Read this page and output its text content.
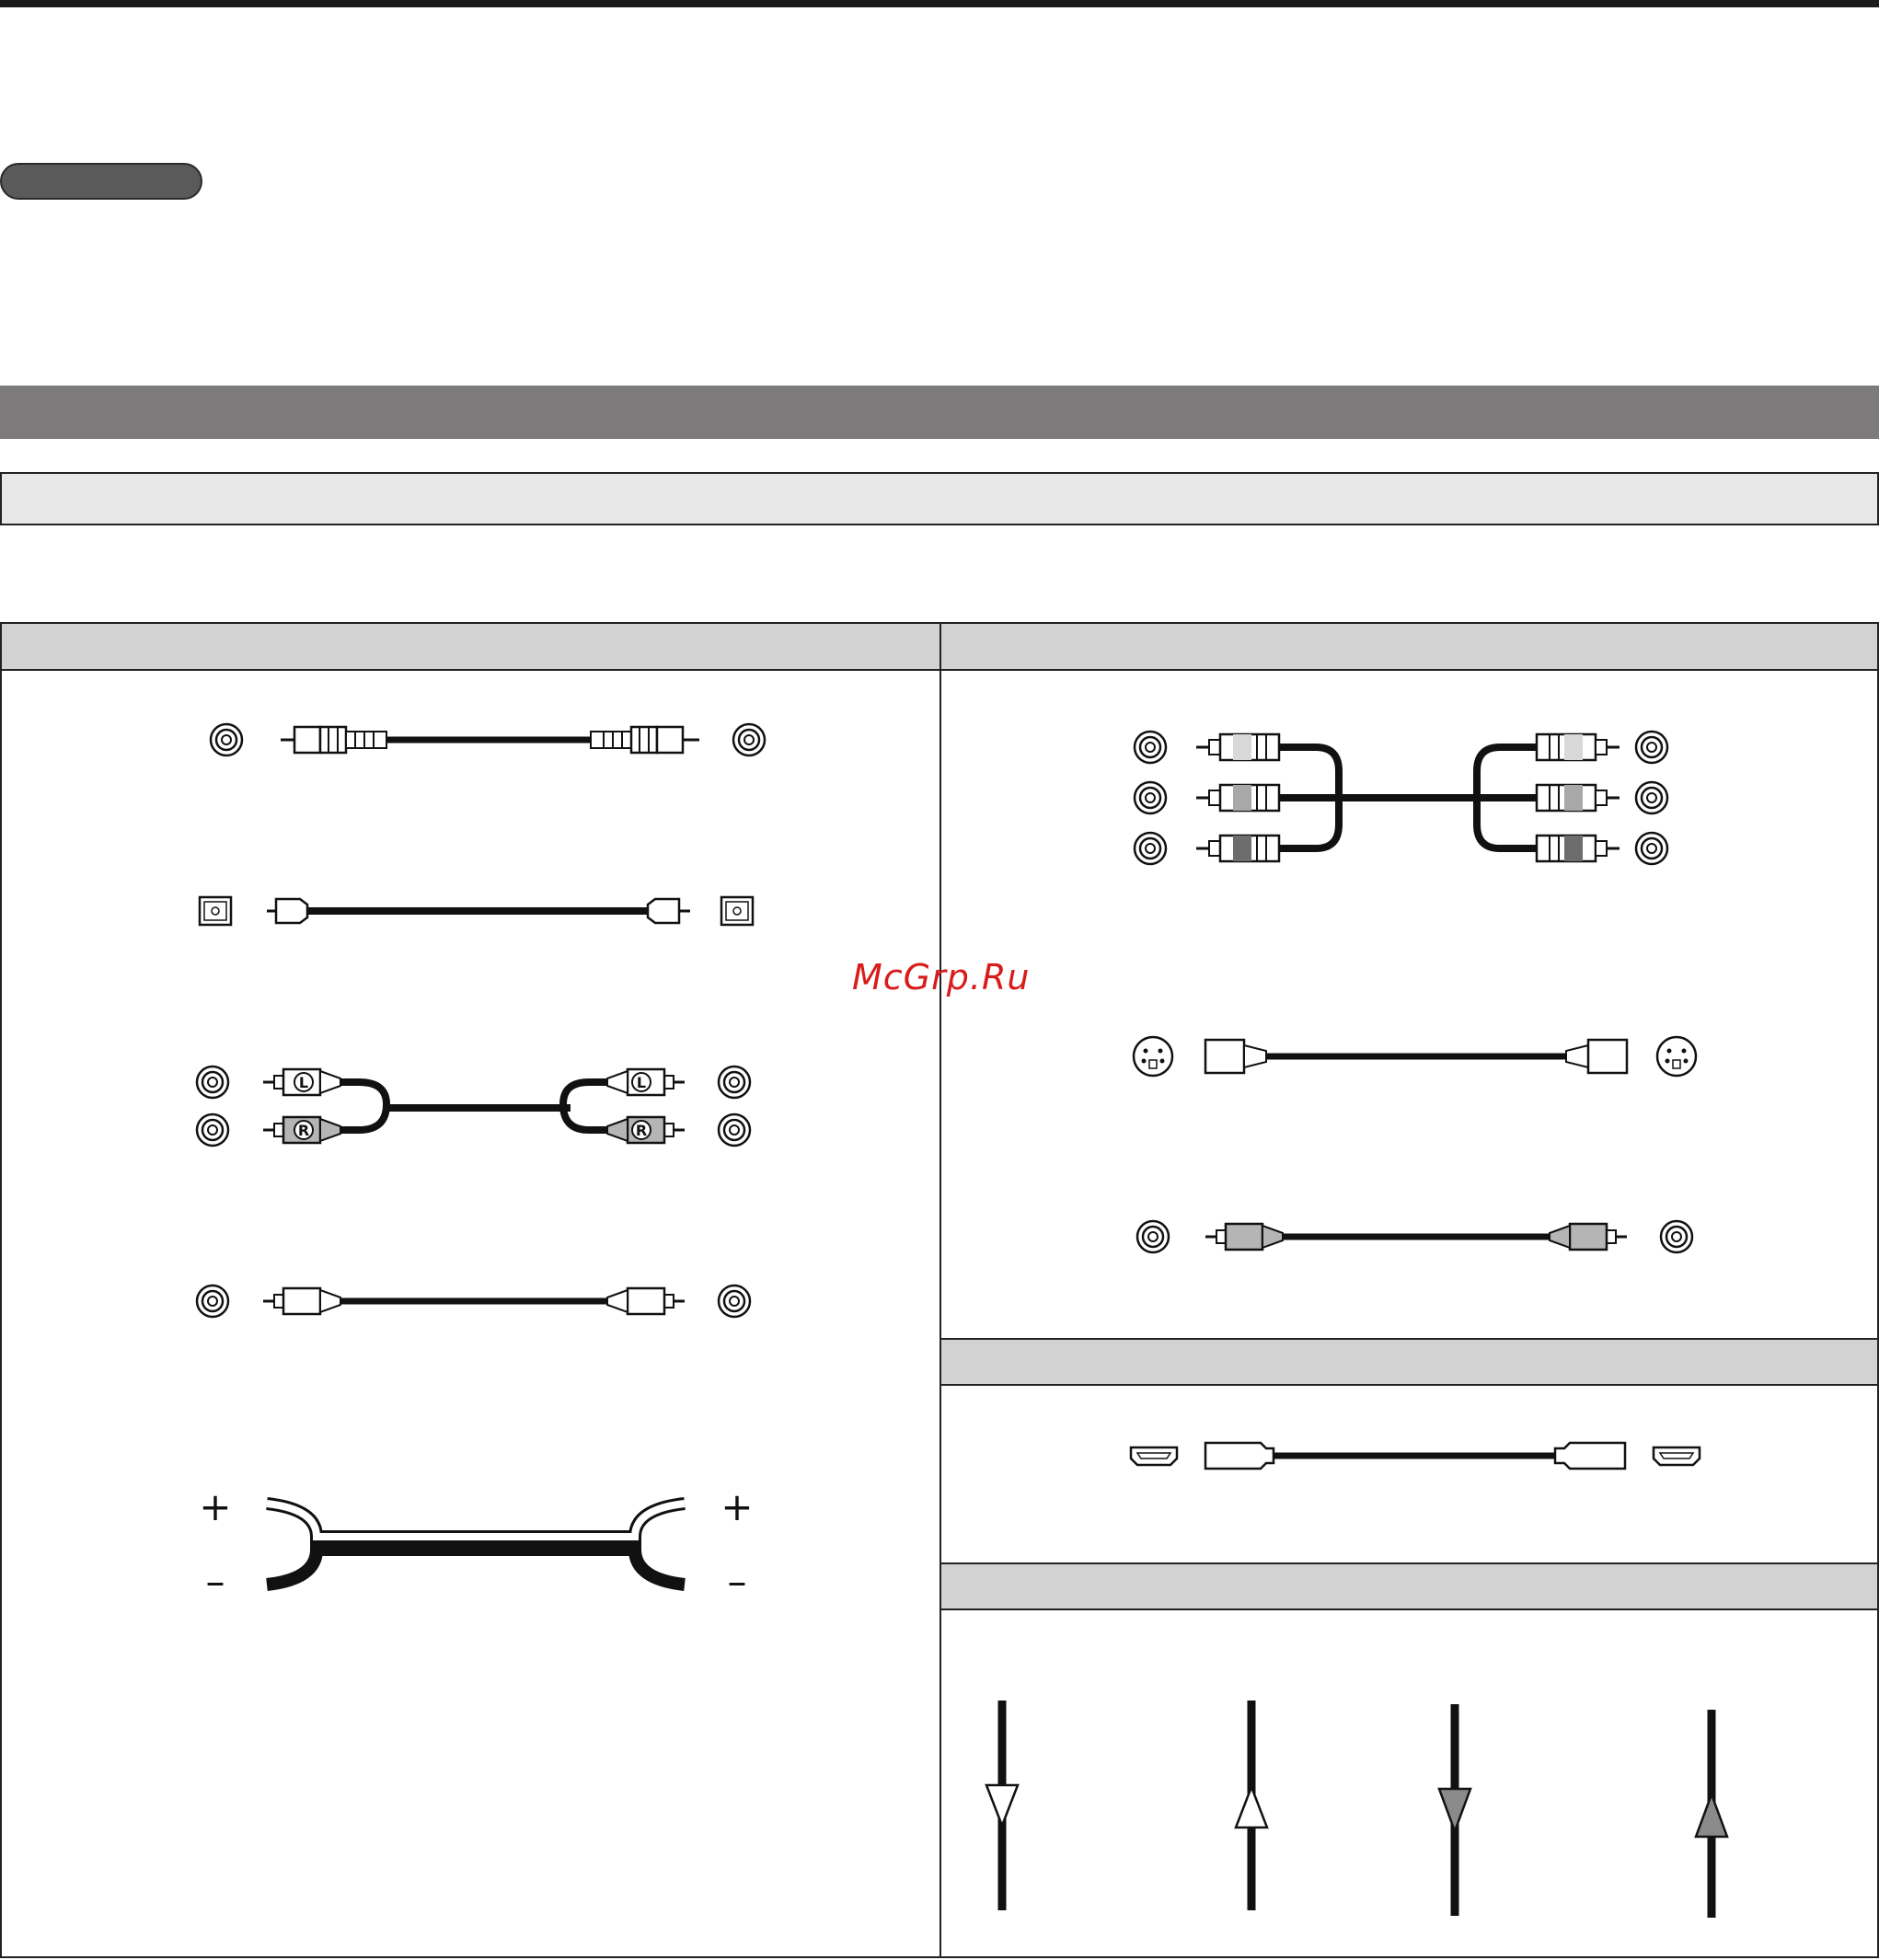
L
R
L
R
+
–
+
–
McGrp.Ru
